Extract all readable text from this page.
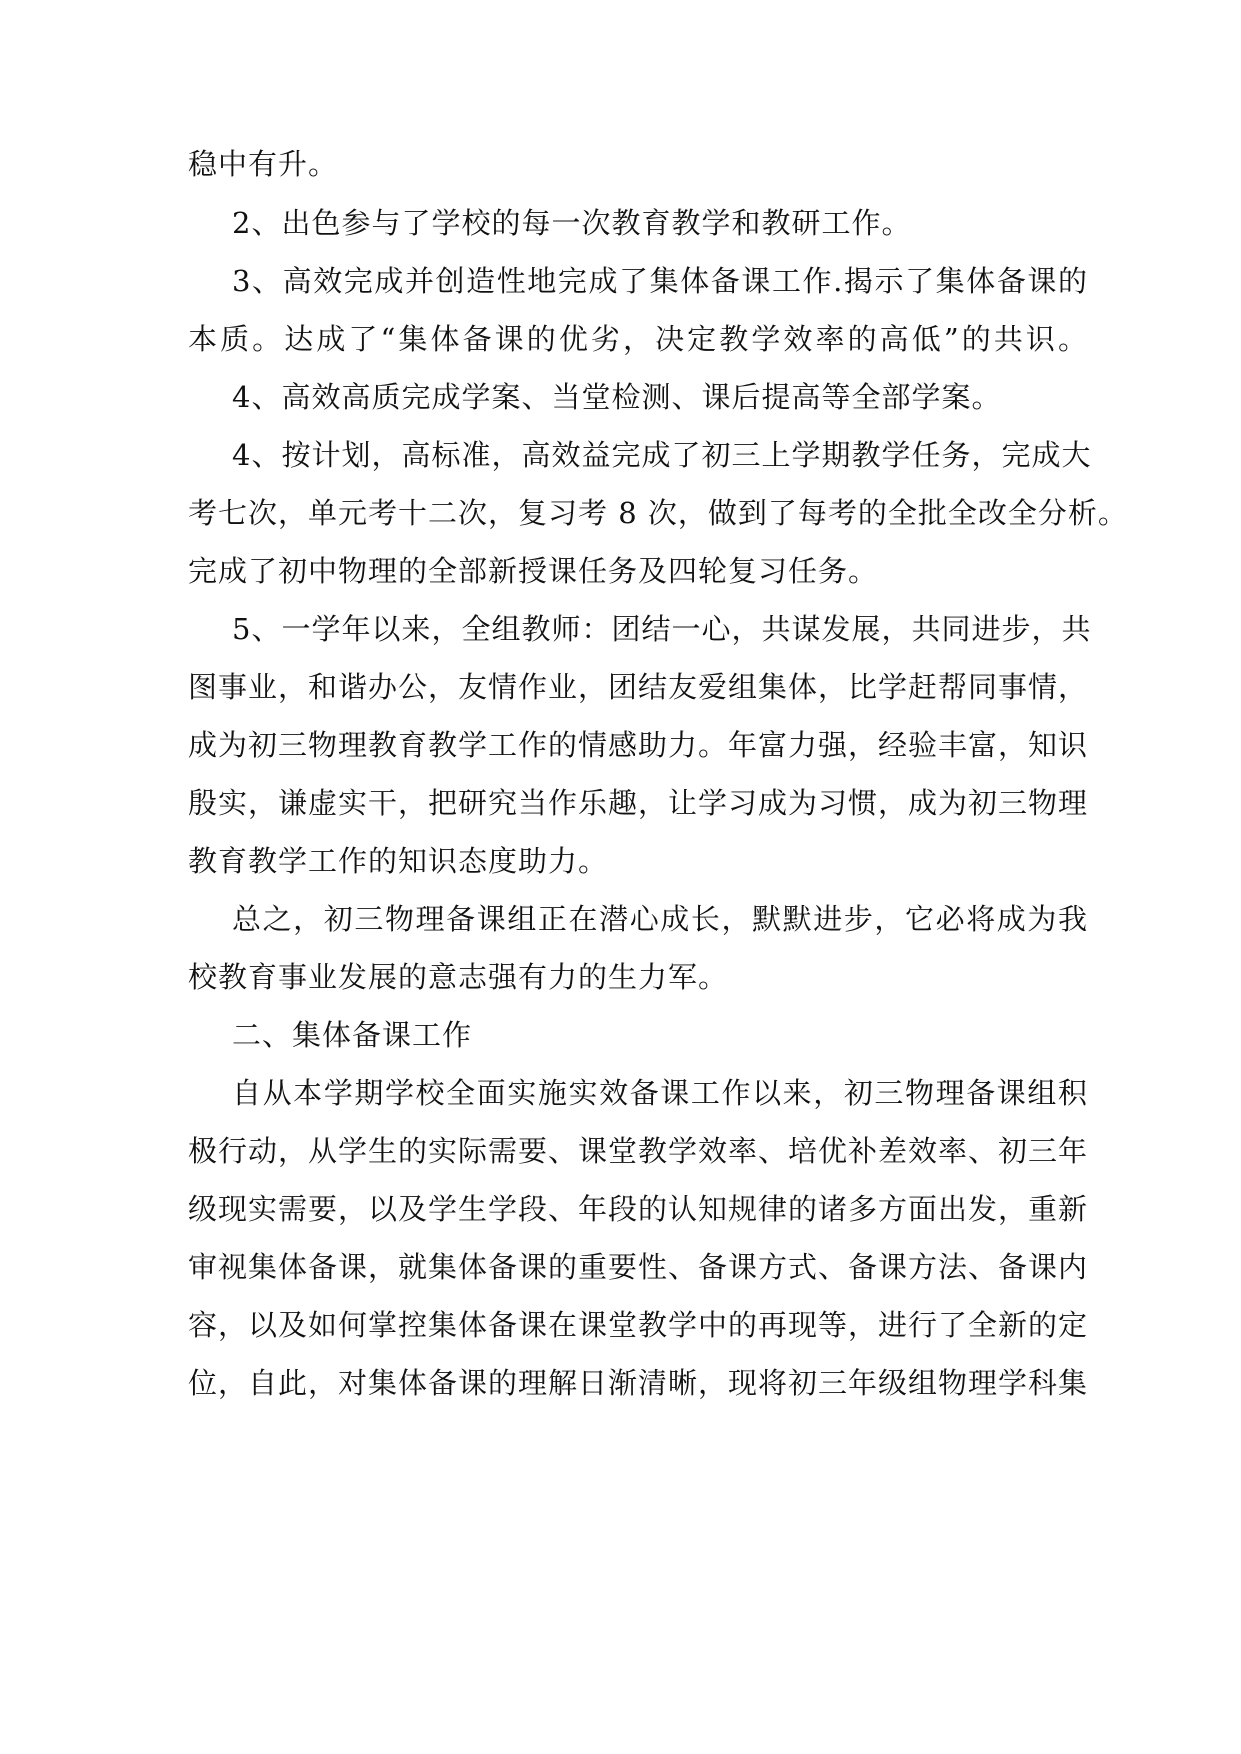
稳中有升。
2、出色参与了学校的每一次教育教学和教研工作。
3、高效完成并创造性地完成了集体备课工作.揭示了集体备课的
本质。达成了“集体备课的优劣，决定教学效率的高低”的共识。
4、高效高质完成学案、当堂检测、课后提高等全部学案。
4、按计划，高标准，高效益完成了初三上学期教学任务，完成大
考七次，单元考十二次，复习考 8 次，做到了每考的全批全改全分析。
完成了初中物理的全部新授课任务及四轮复习任务。
5、一学年以来，全组教师：团结一心，共谋发展，共同进步，共
图事业，和谐办公，友情作业，团结友爱组集体，比学赶帮同事情，
成为初三物理教育教学工作的情感助力。年富力强，经验丰富，知识
殷实，谦虚实干，把研究当作乐趣，让学习成为习惯，成为初三物理
教育教学工作的知识态度助力。
总之，初三物理备课组正在潜心成长，默默进步，它必将成为我
校教育事业发展的意志强有力的生力军。
二、集体备课工作
自从本学期学校全面实施实效备课工作以来，初三物理备课组积
极行动，从学生的实际需要、课堂教学效率、培优补差效率、初三年
级现实需要，以及学生学段、年段的认知规律的诸多方面出发，重新
审视集体备课，就集体备课的重要性、备课方式、备课方法、备课内
容，以及如何掌控集体备课在课堂教学中的再现等，进行了全新的定
位，自此，对集体备课的理解日渐清晰，现将初三年级组物理学科集
